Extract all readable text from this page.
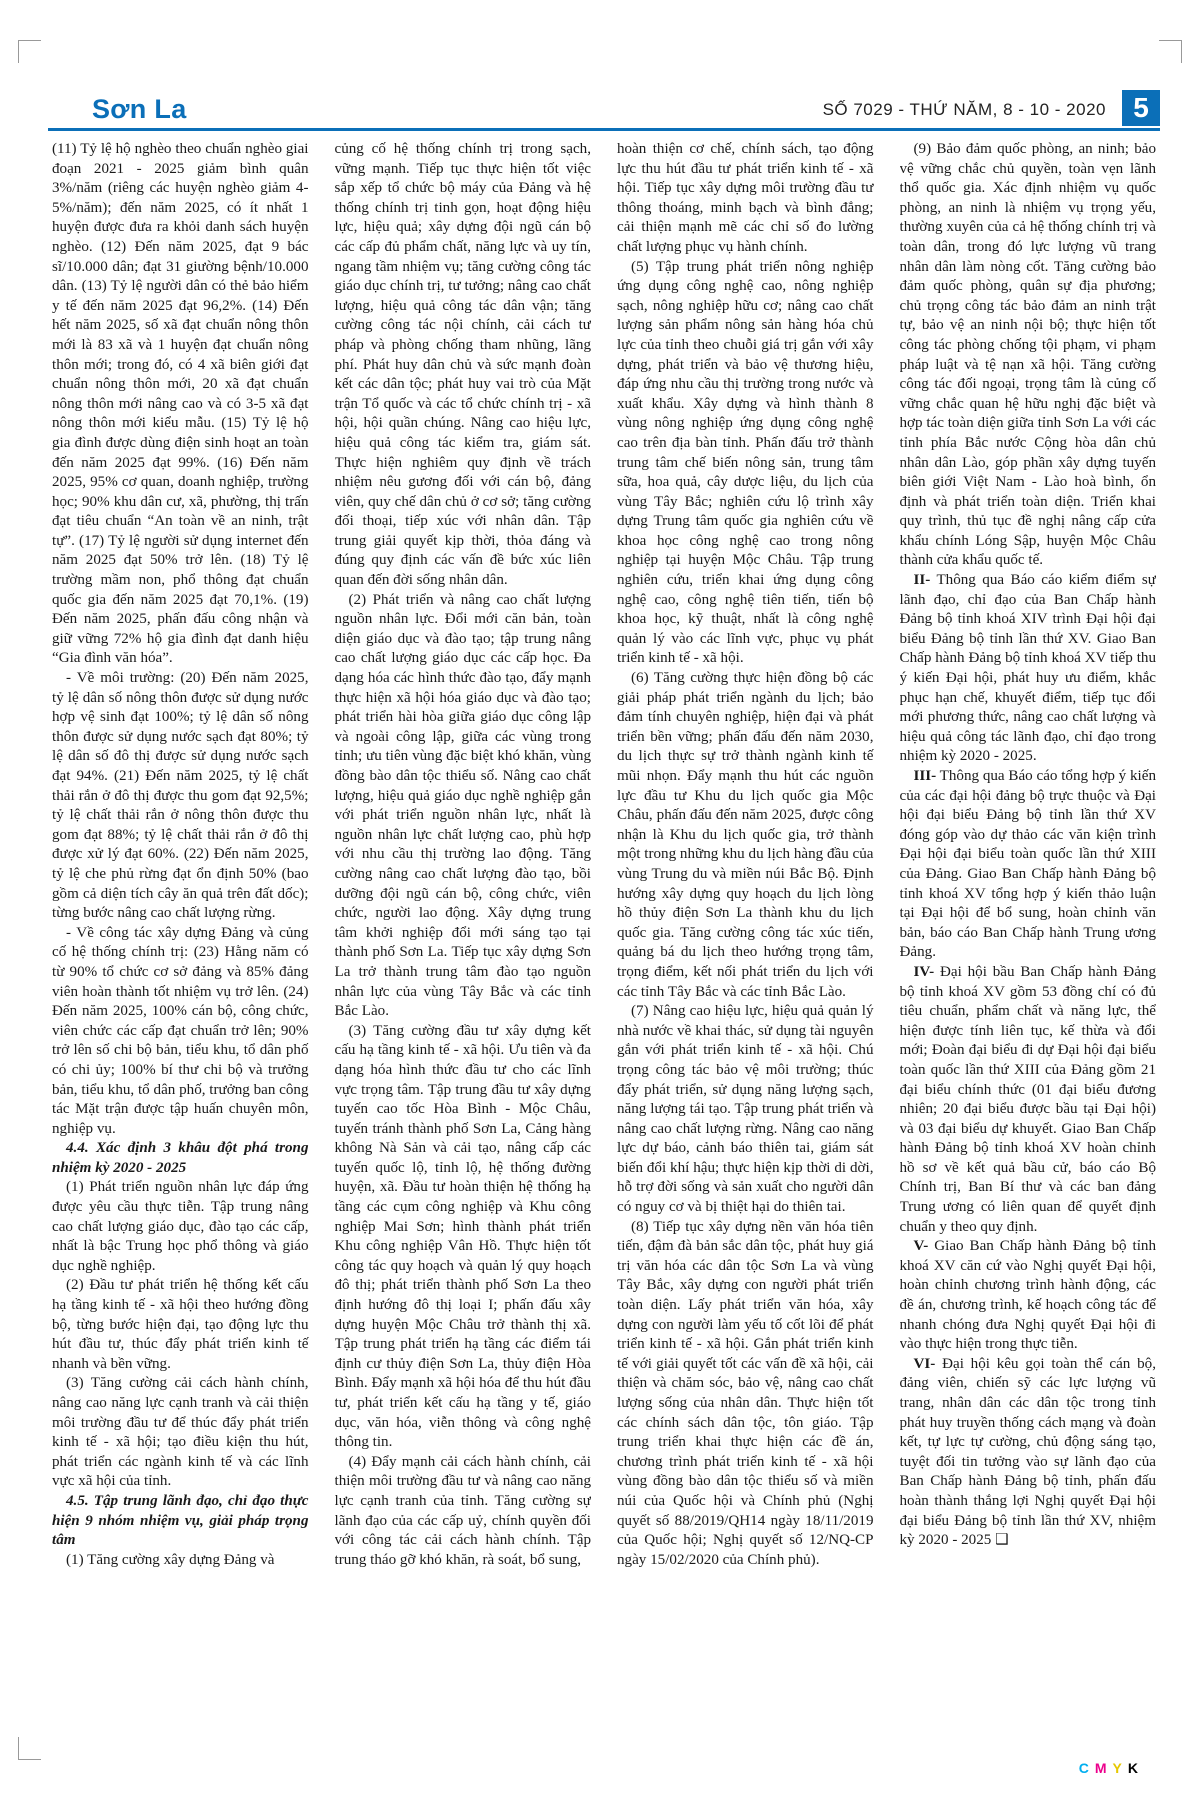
Sơn La	SỐ 7029 - THỨ NĂM, 8 - 10 - 2020 5

(11) Tỷ lệ hộ nghèo theo chuẩn nghèo giai đoạn 2021 - 2025 giảm bình quân 3%/năm (riêng các huyện nghèo giảm 4-5%/năm); đến năm 2025, có ít nhất 1 huyện được đưa ra khỏi danh sách huyện nghèo. (12) Đến năm 2025, đạt 9 bác sĩ/10.000 dân; đạt 31 giường bệnh/10.000 dân. (13) Tỷ lệ người dân có thẻ bảo hiểm y tế đến năm 2025 đạt 96,2%. (14) Đến hết năm 2025, số xã đạt chuẩn nông thôn mới là 83 xã và 1 huyện đạt chuẩn nông thôn mới; trong đó, có 4 xã biên giới đạt chuẩn nông thôn mới, 20 xã đạt chuẩn nông thôn mới nâng cao và có 3-5 xã đạt nông thôn mới kiểu mẫu. (15) Tỷ lệ hộ gia đình được dùng điện sinh hoạt an toàn đến năm 2025 đạt 99%. (16) Đến năm 2025, 95% cơ quan, doanh nghiệp, trường học; 90% khu dân cư, xã, phường, thị trấn đạt tiêu chuẩn “An toàn về an ninh, trật tự”. (17) Tỷ lệ người sử dụng internet đến năm 2025 đạt 50% trở lên. (18) Tỷ lệ trường mầm non, phổ thông đạt chuẩn quốc gia đến năm 2025 đạt 70,1%. (19) Đến năm 2025, phấn đấu công nhận và giữ vững 72% hộ gia đình đạt danh hiệu “Gia đình văn hóa”.

- Về môi trường: (20) Đến năm 2025, tỷ lệ dân số nông thôn được sử dụng nước hợp vệ sinh đạt 100%; tỷ lệ dân số nông thôn được sử dụng nước sạch đạt 80%; tỷ lệ dân số đô thị được sử dụng nước sạch đạt 94%. (21) Đến năm 2025, tỷ lệ chất thải rắn ở đô thị được thu gom đạt 92,5%; tỷ lệ chất thải rắn ở nông thôn được thu gom đạt 88%; tỷ lệ chất thải rắn ở đô thị được xử lý đạt 60%. (22) Đến năm 2025, tỷ lệ che phủ rừng đạt ổn định 50% (bao gồm cả diện tích cây ăn quả trên đất dốc); từng bước nâng cao chất lượng rừng.

- Về công tác xây dựng Đảng và củng cố hệ thống chính trị: (23) Hằng năm có từ 90% tổ chức cơ sở đảng và 85% đảng viên hoàn thành tốt nhiệm vụ trở lên. (24) Đến năm 2025, 100% cán bộ, công chức, viên chức các cấp đạt chuẩn trở lên; 90% trở lên số chi bộ bản, tiểu khu, tổ dân phố có chi ủy; 100% bí thư chi bộ và trưởng bản, tiểu khu, tổ dân phố, trưởng ban công tác Mặt trận được tập huấn chuyên môn, nghiệp vụ.

4.4. Xác định 3 khâu đột phá trong nhiệm kỳ 2020 - 2025

(1) Phát triển nguồn nhân lực đáp ứng được yêu cầu thực tiễn. Tập trung nâng cao chất lượng giáo dục, đào tạo các cấp, nhất là bậc Trung học phổ thông và giáo dục nghề nghiệp.

(2) Đầu tư phát triển hệ thống kết cấu hạ tầng kinh tế - xã hội theo hướng đồng bộ, từng bước hiện đại, tạo động lực thu hút đầu tư, thúc đẩy phát triển kinh tế nhanh và bền vững.

(3) Tăng cường cải cách hành chính, nâng cao năng lực cạnh tranh và cải thiện môi trường đầu tư để thúc đẩy phát triển kinh tế - xã hội; tạo điều kiện thu hút, phát triển các ngành kinh tế và các lĩnh vực xã hội của tỉnh.

4.5. Tập trung lãnh đạo, chỉ đạo thực hiện 9 nhóm nhiệm vụ, giải pháp trọng tâm

(1) Tăng cường xây dựng Đảng và

củng cố hệ thống chính trị trong sạch, vững mạnh. Tiếp tục thực hiện tốt việc sắp xếp tổ chức bộ máy của Đảng và hệ thống chính trị tinh gọn, hoạt động hiệu lực, hiệu quả; xây dựng đội ngũ cán bộ các cấp đủ phẩm chất, năng lực và uy tín, ngang tầm nhiệm vụ; tăng cường công tác giáo dục chính trị, tư tưởng; nâng cao chất lượng, hiệu quả công tác dân vận; tăng cường công tác nội chính, cải cách tư pháp và phòng chống tham nhũng, lãng phí. Phát huy dân chủ và sức mạnh đoàn kết các dân tộc; phát huy vai trò của Mặt trận Tổ quốc và các tổ chức chính trị - xã hội, hội quần chúng. Nâng cao hiệu lực, hiệu quả công tác kiểm tra, giám sát. Thực hiện nghiêm quy định về trách nhiệm nêu gương đối với cán bộ, đảng viên, quy chế dân chủ ở cơ sở; tăng cường đối thoại, tiếp xúc với nhân dân. Tập trung giải quyết kịp thời, thỏa đáng và đúng quy định các vấn đề bức xúc liên quan đến đời sống nhân dân.

(2) Phát triển và nâng cao chất lượng nguồn nhân lực. Đổi mới căn bản, toàn diện giáo dục và đào tạo; tập trung nâng cao chất lượng giáo dục các cấp học. Đa dạng hóa các hình thức đào tạo, đẩy mạnh thực hiện xã hội hóa giáo dục và đào tạo; phát triển hài hòa giữa giáo dục công lập và ngoài công lập, giữa các vùng trong tỉnh; ưu tiên vùng đặc biệt khó khăn, vùng đồng bào dân tộc thiểu số. Nâng cao chất lượng, hiệu quả giáo dục nghề nghiệp gắn với phát triển nguồn nhân lực, nhất là nguồn nhân lực chất lượng cao, phù hợp với nhu cầu thị trường lao động. Tăng cường nâng cao chất lượng đào tạo, bồi dưỡng đội ngũ cán bộ, công chức, viên chức, người lao động. Xây dựng trung tâm khởi nghiệp đổi mới sáng tạo tại thành phố Sơn La. Tiếp tục xây dựng Sơn La trở thành trung tâm đào tạo nguồn nhân lực của vùng Tây Bắc và các tỉnh Bắc Lào.

(3) Tăng cường đầu tư xây dựng kết cấu hạ tầng kinh tế - xã hội. Ưu tiên và đa dạng hóa hình thức đầu tư cho các lĩnh vực trọng tâm. Tập trung đầu tư xây dựng tuyến cao tốc Hòa Bình - Mộc Châu, tuyến tránh thành phố Sơn La, Cảng hàng không Nà Sản và cải tạo, nâng cấp các tuyến quốc lộ, tỉnh lộ, hệ thống đường huyện, xã. Đầu tư hoàn thiện hệ thống hạ tầng các cụm công nghiệp và Khu công nghiệp Mai Sơn; hình thành phát triển Khu công nghiệp Vân Hồ. Thực hiện tốt công tác quy hoạch và quản lý quy hoạch đô thị; phát triển thành phố Sơn La theo định hướng đô thị loại I; phấn đấu xây dựng huyện Mộc Châu trở thành thị xã. Tập trung phát triển hạ tầng các điểm tái định cư thủy điện Sơn La, thủy điện Hòa Bình. Đẩy mạnh xã hội hóa để thu hút đầu tư, phát triển kết cấu hạ tầng y tế, giáo dục, văn hóa, viễn thông và công nghệ thông tin.

(4) Đẩy mạnh cải cách hành chính, cải thiện môi trường đầu tư và nâng cao năng lực cạnh tranh của tỉnh. Tăng cường sự lãnh đạo của các cấp uỷ, chính quyền đối với công tác cải cách hành chính. Tập trung tháo gỡ khó khăn, rà soát, bổ sung,

hoàn thiện cơ chế, chính sách, tạo động lực thu hút đầu tư phát triển kinh tế - xã hội. Tiếp tục xây dựng môi trường đầu tư thông thoáng, minh bạch và bình đẳng; cải thiện mạnh mẽ các chỉ số đo lường chất lượng phục vụ hành chính.

(5) Tập trung phát triển nông nghiệp ứng dụng công nghệ cao, nông nghiệp sạch, nông nghiệp hữu cơ; nâng cao chất lượng sản phẩm nông sản hàng hóa chủ lực của tỉnh theo chuỗi giá trị gắn với xây dựng, phát triển và bảo vệ thương hiệu, đáp ứng nhu cầu thị trường trong nước và xuất khẩu. Xây dựng và hình thành 8 vùng nông nghiệp ứng dụng công nghệ cao trên địa bàn tỉnh. Phấn đấu trở thành trung tâm chế biến nông sản, trung tâm sữa, hoa quả, cây dược liệu, du lịch của vùng Tây Bắc; nghiên cứu lộ trình xây dựng Trung tâm quốc gia nghiên cứu về khoa học công nghệ cao trong nông nghiệp tại huyện Mộc Châu. Tập trung nghiên cứu, triển khai ứng dụng công nghệ cao, công nghệ tiên tiến, tiến bộ khoa học, kỹ thuật, nhất là công nghệ quản lý vào các lĩnh vực, phục vụ phát triển kinh tế - xã hội.

(6) Tăng cường thực hiện đồng bộ các giải pháp phát triển ngành du lịch; bảo đảm tính chuyên nghiệp, hiện đại và phát triển bền vững; phấn đấu đến năm 2030, du lịch thực sự trở thành ngành kinh tế mũi nhọn. Đẩy mạnh thu hút các nguồn lực đầu tư Khu du lịch quốc gia Mộc Châu, phấn đấu đến năm 2025, được công nhận là Khu du lịch quốc gia, trở thành một trong những khu du lịch hàng đầu của vùng Trung du và miền núi Bắc Bộ. Định hướng xây dựng quy hoạch du lịch lòng hồ thủy điện Sơn La thành khu du lịch quốc gia. Tăng cường công tác xúc tiến, quảng bá du lịch theo hướng trọng tâm, trọng điểm, kết nối phát triển du lịch với các tỉnh Tây Bắc và các tỉnh Bắc Lào.

(7) Nâng cao hiệu lực, hiệu quả quản lý nhà nước về khai thác, sử dụng tài nguyên gắn với phát triển kinh tế - xã hội. Chú trọng công tác bảo vệ môi trường; thúc đẩy phát triển, sử dụng năng lượng sạch, năng lượng tái tạo. Tập trung phát triển và nâng cao chất lượng rừng. Nâng cao năng lực dự báo, cảnh báo thiên tai, giám sát biến đổi khí hậu; thực hiện kịp thời di dời, hỗ trợ đời sống và sản xuất cho người dân có nguy cơ và bị thiệt hại do thiên tai.

(8) Tiếp tục xây dựng nền văn hóa tiên tiến, đậm đà bản sắc dân tộc, phát huy giá trị văn hóa các dân tộc Sơn La và vùng Tây Bắc, xây dựng con người phát triển toàn diện. Lấy phát triển văn hóa, xây dựng con người làm yếu tố cốt lõi để phát triển kinh tế - xã hội. Gắn phát triển kinh tế với giải quyết tốt các vấn đề xã hội, cải thiện và chăm sóc, bảo vệ, nâng cao chất lượng sống của nhân dân. Thực hiện tốt các chính sách dân tộc, tôn giáo. Tập trung triển khai thực hiện các đề án, chương trình phát triển kinh tế - xã hội vùng đồng bào dân tộc thiểu số và miền núi của Quốc hội và Chính phủ (Nghị quyết số 88/2019/QH14 ngày 18/11/2019 của Quốc hội; Nghị quyết số 12/NQ-CP ngày 15/02/2020 của Chính phủ).

(9) Bảo đảm quốc phòng, an ninh; bảo vệ vững chắc chủ quyền, toàn vẹn lãnh thổ quốc gia. Xác định nhiệm vụ quốc phòng, an ninh là nhiệm vụ trọng yếu, thường xuyên của cả hệ thống chính trị và toàn dân, trong đó lực lượng vũ trang nhân dân làm nòng cốt. Tăng cường bảo đảm quốc phòng, quân sự địa phương; chủ trọng công tác bảo đảm an ninh trật tự, bảo vệ an ninh nội bộ; thực hiện tốt công tác phòng chống tội phạm, vi phạm pháp luật và tệ nạn xã hội. Tăng cường công tác đối ngoại, trọng tâm là củng cố vững chắc quan hệ hữu nghị đặc biệt và hợp tác toàn diện giữa tỉnh Sơn La với các tỉnh phía Bắc nước Cộng hòa dân chủ nhân dân Lào, góp phần xây dựng tuyến biên giới Việt Nam - Lào hoà bình, ổn định và phát triển toàn diện. Triển khai quy trình, thủ tục đề nghị nâng cấp cửa khẩu chính Lóng Sập, huyện Mộc Châu thành cửa khẩu quốc tế.

II- Thông qua Báo cáo kiểm điểm sự lãnh đạo, chỉ đạo của Ban Chấp hành Đảng bộ tỉnh khoá XIV trình Đại hội đại biểu Đảng bộ tỉnh lần thứ XV. Giao Ban Chấp hành Đảng bộ tỉnh khoá XV tiếp thu ý kiến Đại hội, phát huy ưu điểm, khắc phục hạn chế, khuyết điểm, tiếp tục đổi mới phương thức, nâng cao chất lượng và hiệu quả công tác lãnh đạo, chỉ đạo trong nhiệm kỳ 2020 - 2025.

III- Thông qua Báo cáo tổng hợp ý kiến của các đại hội đảng bộ trực thuộc và Đại hội đại biểu Đảng bộ tỉnh lần thứ XV đóng góp vào dự thảo các văn kiện trình Đại hội đại biểu toàn quốc lần thứ XIII của Đảng. Giao Ban Chấp hành Đảng bộ tỉnh khoá XV tổng hợp ý kiến thảo luận tại Đại hội để bổ sung, hoàn chỉnh văn bản, báo cáo Ban Chấp hành Trung ương Đảng.

IV- Đại hội bầu Ban Chấp hành Đảng bộ tỉnh khoá XV gồm 53 đồng chí có đủ tiêu chuẩn, phẩm chất và năng lực, thể hiện được tính liên tục, kế thừa và đổi mới; Đoàn đại biểu đi dự Đại hội đại biểu toàn quốc lần thứ XIII của Đảng gồm 21 đại biểu chính thức (01 đại biểu đương nhiên; 20 đại biểu được bầu tại Đại hội) và 03 đại biểu dự khuyết. Giao Ban Chấp hành Đảng bộ tỉnh khoá XV hoàn chỉnh hồ sơ về kết quả bầu cử, báo cáo Bộ Chính trị, Ban Bí thư và các ban đảng Trung ương có liên quan để quyết định chuẩn y theo quy định.

V- Giao Ban Chấp hành Đảng bộ tỉnh khoá XV căn cứ vào Nghị quyết Đại hội, hoàn chỉnh chương trình hành động, các đề án, chương trình, kế hoạch công tác để nhanh chóng đưa Nghị quyết Đại hội đi vào thực hiện trong thực tiễn.

VI- Đại hội kêu gọi toàn thể cán bộ, đảng viên, chiến sỹ các lực lượng vũ trang, nhân dân các dân tộc trong tỉnh phát huy truyền thống cách mạng và đoàn kết, tự lực tự cường, chủ động sáng tạo, tuyệt đối tin tưởng vào sự lãnh đạo của Ban Chấp hành Đảng bộ tỉnh, phấn đấu hoàn thành thắng lợi Nghị quyết Đại hội đại biểu Đảng bộ tỉnh lần thứ XV, nhiệm kỳ 2020 - 2025 ❑

CMYK
